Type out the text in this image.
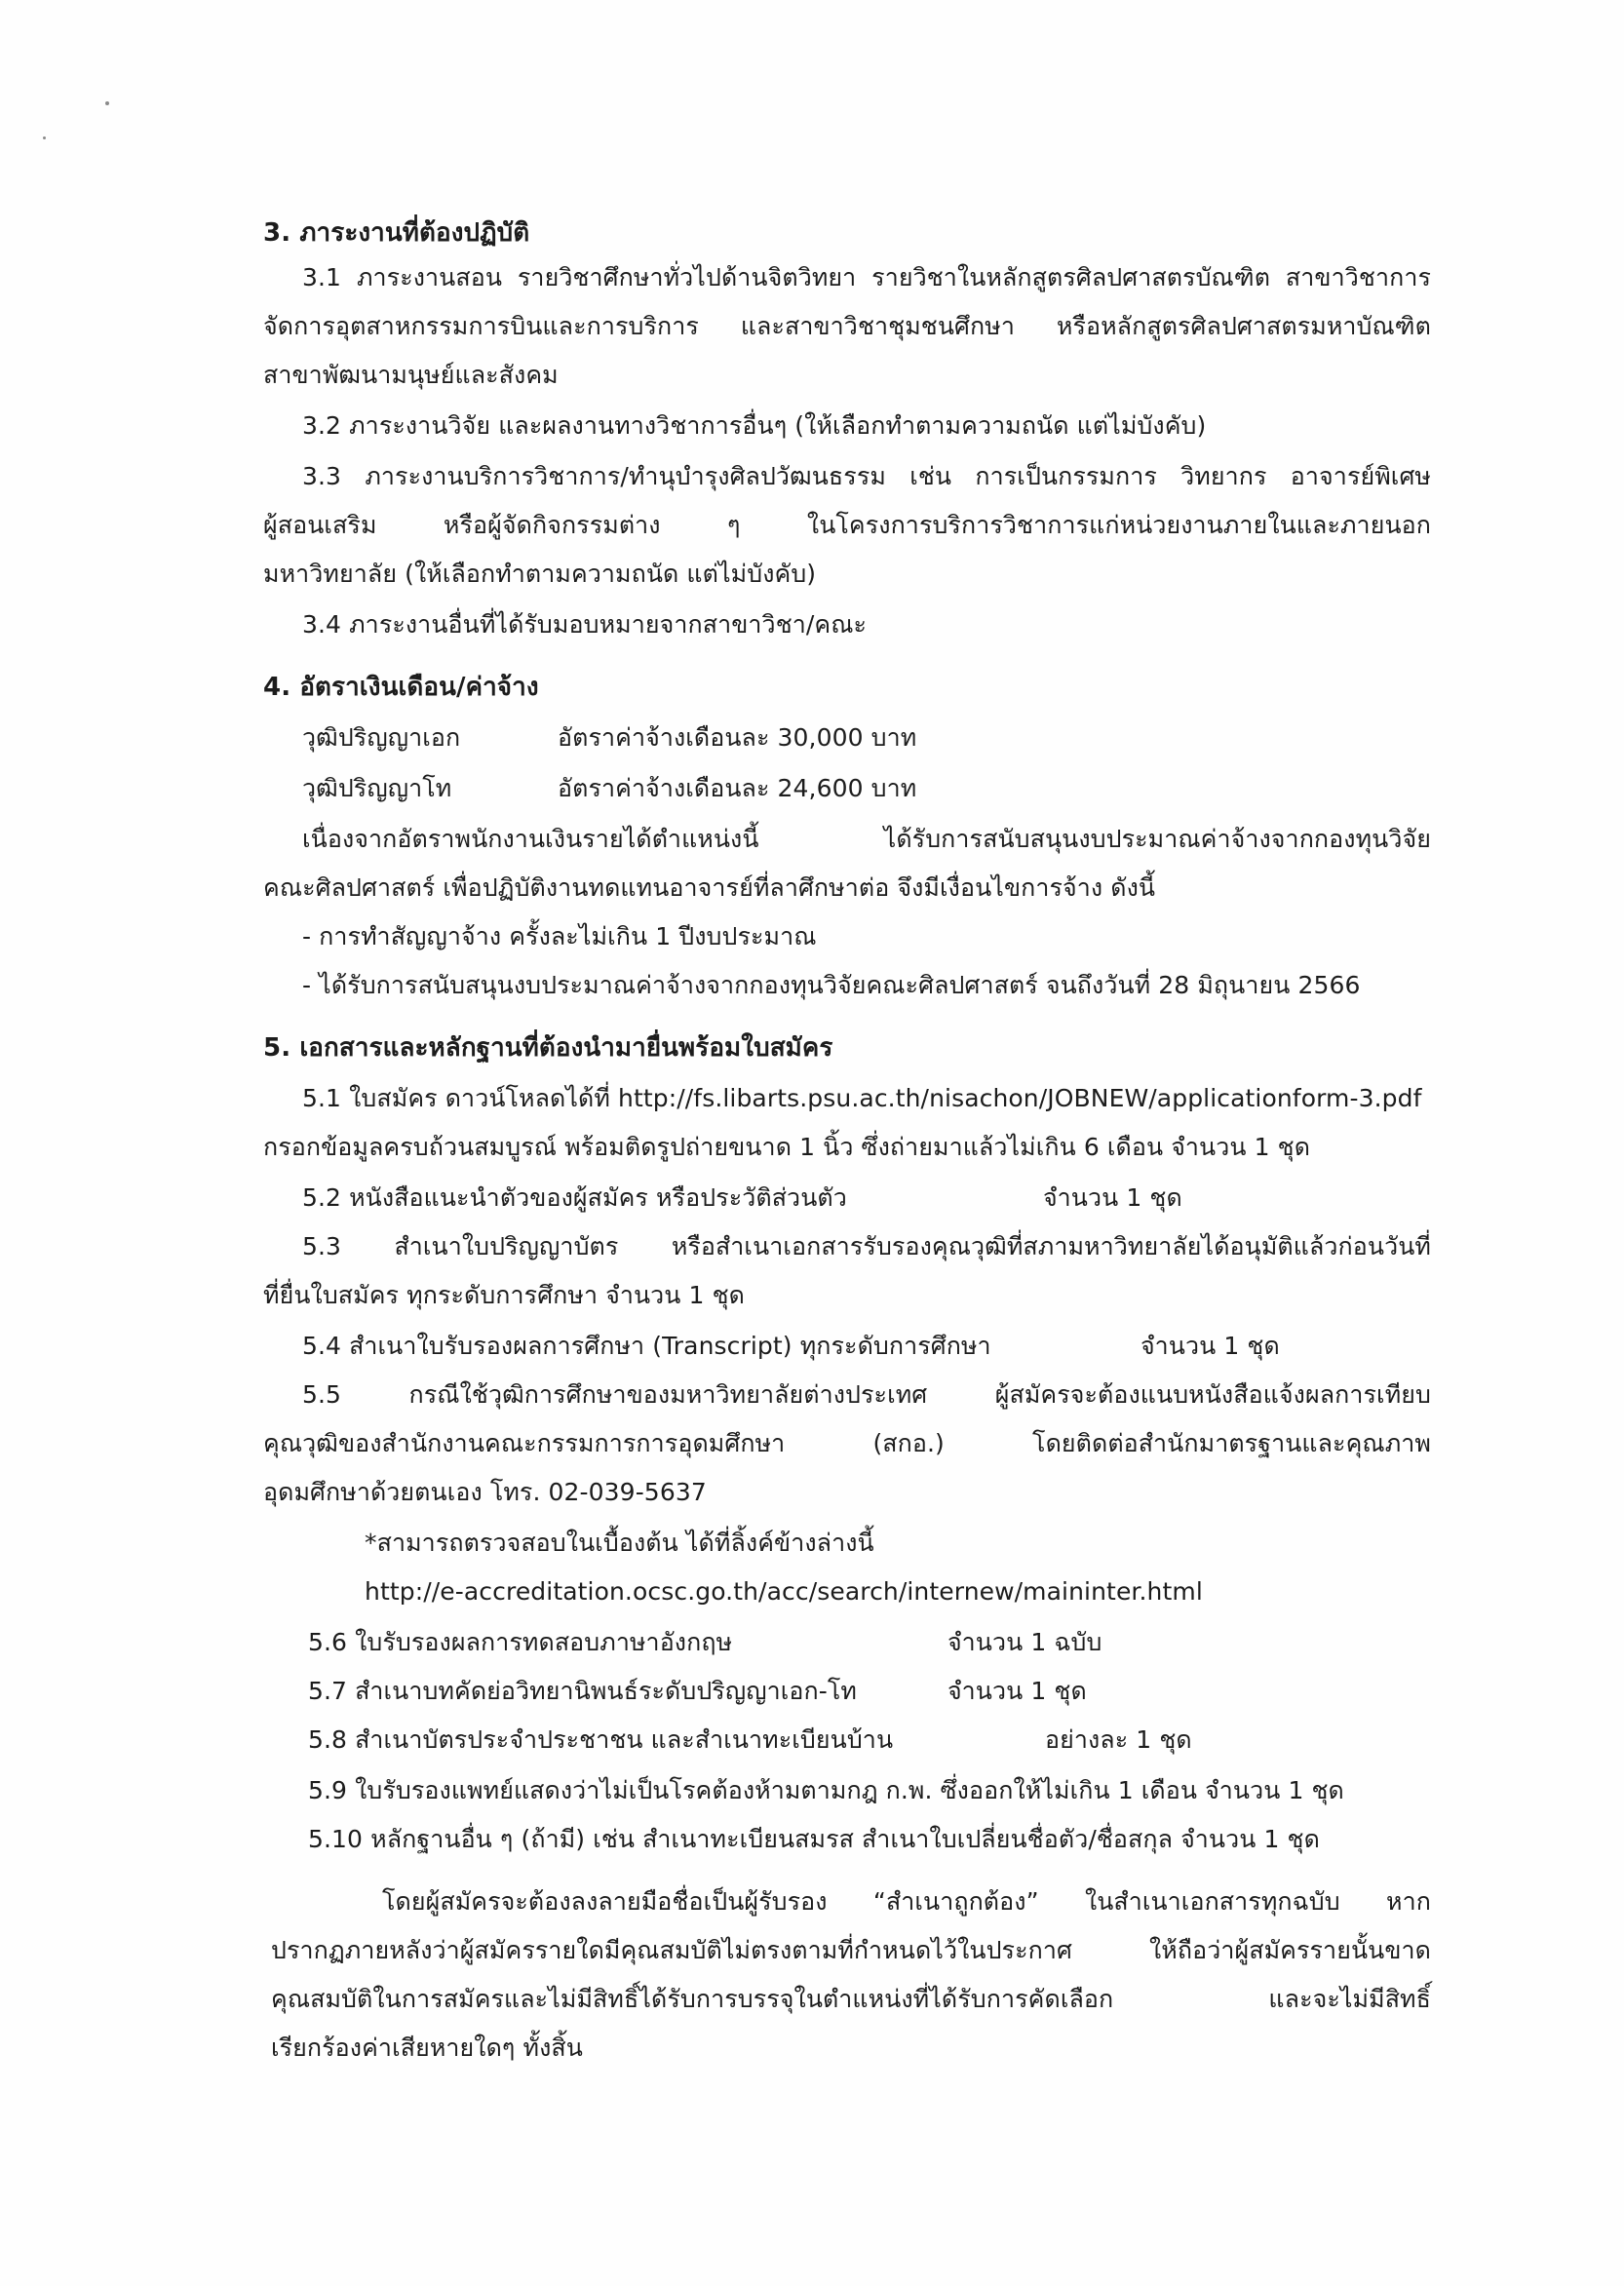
3. ภาระงานที่ต้องปฏิบัติ
3.1 ภาระงานสอน รายวิชาศึกษาทั่วไปด้านจิตวิทยา รายวิชาในหลักสูตรศิลปศาสตรบัณฑิต สาขาวิชาการ
จัดการอุตสาหกรรมการบินและการบริการ และสาขาวิชาชุมชนศึกษา หรือหลักสูตรศิลปศาสตรมหาบัณฑิต
สาขาพัฒนามนุษย์และสังคม
3.2 ภาระงานวิจัย และผลงานทางวิชาการอื่นๆ (ให้เลือกทำตามความถนัด แต่ไม่บังคับ)
3.3 ภาระงานบริการวิชาการ/ทำนุบำรุงศิลปวัฒนธรรม เช่น การเป็นกรรมการ วิทยากร อาจารย์พิเศษ
ผู้สอนเสริม หรือผู้จัดกิจกรรมต่าง ๆ ในโครงการบริการวิชาการแก่หน่วยงานภายในและภายนอก
มหาวิทยาลัย (ให้เลือกทำตามความถนัด แต่ไม่บังคับ)
3.4 ภาระงานอื่นที่ได้รับมอบหมายจากสาขาวิชา/คณะ
4. อัตราเงินเดือน/ค่าจ้าง
วุฒิปริญญาเอก	อัตราค่าจ้างเดือนละ 30,000 บาท
วุฒิปริญญาโท	อัตราค่าจ้างเดือนละ 24,600 บาท
เนื่องจากอัตราพนักงานเงินรายได้ตำแหน่งนี้ ได้รับการสนับสนุนงบประมาณค่าจ้างจากกองทุนวิจัย
คณะศิลปศาสตร์ เพื่อปฏิบัติงานทดแทนอาจารย์ที่ลาศึกษาต่อ จึงมีเงื่อนไขการจ้าง ดังนี้
- การทำสัญญาจ้าง ครั้งละไม่เกิน 1 ปีงบประมาณ
- ได้รับการสนับสนุนงบประมาณค่าจ้างจากกองทุนวิจัยคณะศิลปศาสตร์ จนถึงวันที่ 28 มิถุนายน 2566
5. เอกสารและหลักฐานที่ต้องนำมายื่นพร้อมใบสมัคร
5.1 ใบสมัคร ดาวน์โหลดได้ที่ http://fs.libarts.psu.ac.th/nisachon/JOBNEW/applicationform-3.pdf
กรอกข้อมูลครบถ้วนสมบูรณ์ พร้อมติดรูปถ่ายขนาด 1 นิ้ว ซึ่งถ่ายมาแล้วไม่เกิน 6 เดือน จำนวน 1 ชุด
5.2 หนังสือแนะนำตัวของผู้สมัคร หรือประวัติส่วนตัว	จำนวน 1 ชุด
5.3 สำเนาใบปริญญาบัตร หรือสำเนาเอกสารรับรองคุณวุฒิที่สภามหาวิทยาลัยได้อนุมัติแล้วก่อนวันที่
ที่ยื่นใบสมัคร ทุกระดับการศึกษา จำนวน 1 ชุด
5.4 สำเนาใบรับรองผลการศึกษา (Transcript) ทุกระดับการศึกษา	จำนวน 1 ชุด
5.5 กรณีใช้วุฒิการศึกษาของมหาวิทยาลัยต่างประเทศ ผู้สมัครจะต้องแนบหนังสือแจ้งผลการเทียบ
คุณวุฒิของสำนักงานคณะกรรมการการอุดมศึกษา (สกอ.) โดยติดต่อสำนักมาตรฐานและคุณภาพ
อุดมศึกษาด้วยตนเอง โทร. 02-039-5637
*สามารถตรวจสอบในเบื้องต้น ได้ที่ลิ้งค์ข้างล่างนี้
http://e-accreditation.ocsc.go.th/acc/search/internew/maininter.html
5.6 ใบรับรองผลการทดสอบภาษาอังกฤษ	จำนวน 1 ฉบับ
5.7 สำเนาบทคัดย่อวิทยานิพนธ์ระดับปริญญาเอก-โท	จำนวน 1 ชุด
5.8 สำเนาบัตรประจำประชาชน และสำเนาทะเบียนบ้าน	อย่างละ 1 ชุด
5.9 ใบรับรองแพทย์แสดงว่าไม่เป็นโรคต้องห้ามตามกฎ ก.พ. ซึ่งออกให้ไม่เกิน 1 เดือน จำนวน 1 ชุด
5.10 หลักฐานอื่น ๆ (ถ้ามี) เช่น สำเนาทะเบียนสมรส สำเนาใบเปลี่ยนชื่อตัว/ชื่อสกุล จำนวน 1 ชุด
โดยผู้สมัครจะต้องลงลายมือชื่อเป็นผู้รับรอง “สำเนาถูกต้อง” ในสำเนาเอกสารทุกฉบับ หาก
ปรากฏภายหลังว่าผู้สมัครรายใดมีคุณสมบัติไม่ตรงตามที่กำหนดไว้ในประกาศ ให้ถือว่าผู้สมัครรายนั้นขาด
คุณสมบัติในการสมัครและไม่มีสิทธิ์ได้รับการบรรจุในตำแหน่งที่ได้รับการคัดเลือก และจะไม่มีสิทธิ์
เรียกร้องค่าเสียหายใดๆ ทั้งสิ้น
